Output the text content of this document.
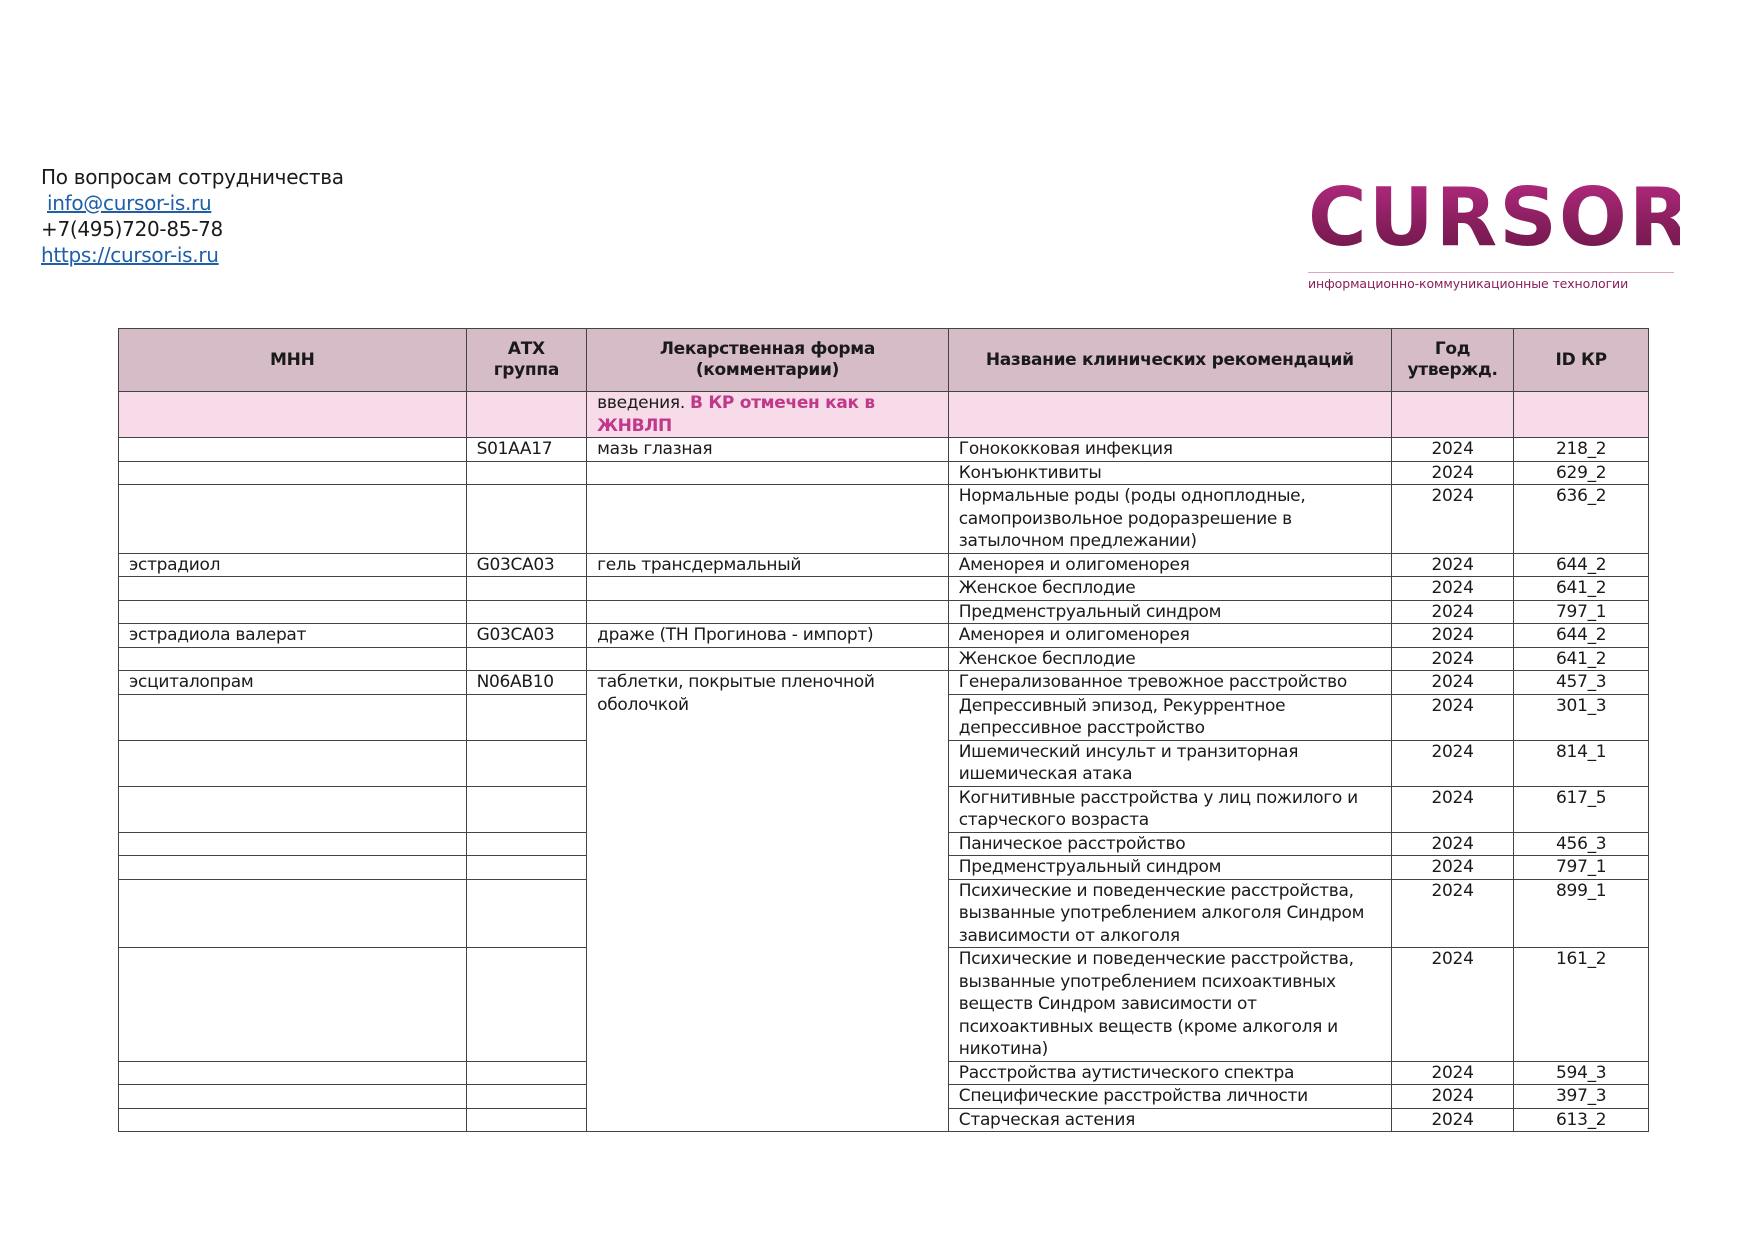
По вопросам сотрудничества
info@cursor-is.ru
+7(495)720-85-78
https://cursor-is.ru	CURSOR
информационно-коммуникационные технологии
МНН	АТХ группа	Лекарственная форма (комментарии)	Название клинических рекомендаций	Год утвержд.	ID КР
		введения. В КР отмечен как в ЖНВЛП			
	S01AA17	мазь глазная	Гонококковая инфекция	2024	218_2
			Конъюнктивиты	2024	629_2
			Нормальные роды (роды одноплодные, самопроизвольное родоразрешение в затылочном предлежании)	2024	636_2
эстрадиол	G03CA03	гель трансдермальный	Аменорея и олигоменорея	2024	644_2
			Женское бесплодие	2024	641_2
			Предменструальный синдром	2024	797_1
эстрадиола валерат	G03CA03	драже (ТН Прогинова - импорт)	Аменорея и олигоменорея	2024	644_2
			Женское бесплодие	2024	641_2
эсциталопрам	N06AB10	таблетки, покрытые пленочной оболочкой	Генерализованное тревожное расстройство	2024	457_3
			Депрессивный эпизод, Рекуррентное депрессивное расстройство	2024	301_3
			Ишемический инсульт и транзиторная ишемическая атака	2024	814_1
			Когнитивные расстройства у лиц пожилого и старческого возраста	2024	617_5
			Паническое расстройство	2024	456_3
			Предменструальный синдром	2024	797_1
			Психические и поведенческие расстройства, вызванные употреблением алкоголя Синдром зависимости от алкоголя	2024	899_1
			Психические и поведенческие расстройства, вызванные употреблением психоактивных веществ Синдром зависимости от психоактивных веществ (кроме алкоголя и никотина)	2024	161_2
			Расстройства аутистического спектра	2024	594_3
			Специфические расстройства личности	2024	397_3
			Старческая астения	2024	613_2
